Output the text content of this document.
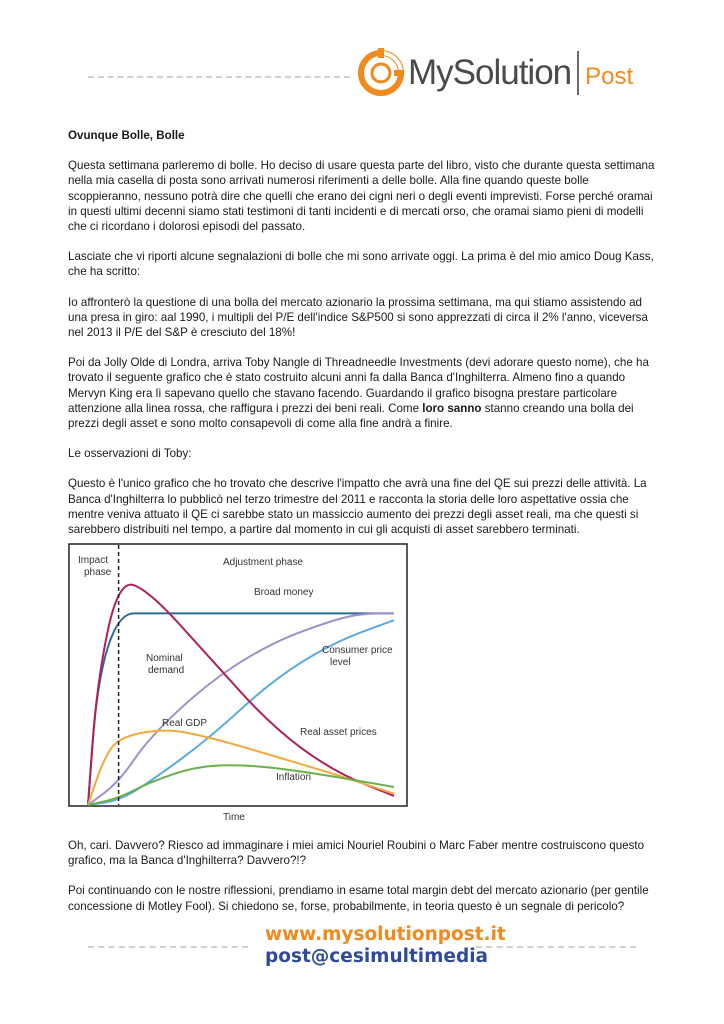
MySolution Post

Ovunque Bolle, Bolle

Questa settimana parleremo di bolle. Ho deciso di usare questa parte del libro, visto che durante questa settimana nella mia casella di posta sono arrivati numerosi riferimenti a delle bolle. Alla fine quando queste bolle scoppieranno, nessuno potrà dire che quelli che erano dei cigni neri o degli eventi imprevisti. Forse perché oramai in questi ultimi decenni siamo stati testimoni di tanti incidenti e di mercati orso, che oramai siamo pieni di modelli che ci ricordano i dolorosi episodi del passato.

Lasciate che vi riporti alcune segnalazioni di bolle che mi sono arrivate oggi. La prima è del mio amico Doug Kass, che ha scritto:

Io affronterò la questione di una bolla del mercato azionario la prossima settimana, ma qui stiamo assistendo ad una presa in giro: aal 1990, i multipli del P/E dell'indice S&P500 si sono apprezzati di circa il 2% l'anno, viceversa nel 2013 il P/E del S&P è cresciuto del 18%!

Poi da Jolly Olde di Londra, arriva Toby Nangle di Threadneedle Investments (devi adorare questo nome), che ha trovato il seguente grafico che è stato costruito alcuni anni fa dalla Banca d'Inghilterra. Almeno fino a quando Mervyn King era lì sapevano quello che stavano facendo. Guardando il grafico bisogna prestare particolare attenzione alla linea rossa, che raffigura i prezzi dei beni reali. Come loro sanno stanno creando una bolla dei prezzi degli asset e sono molto consapevoli di come alla fine andrà a finire.

Le osservazioni di Toby:

Questo è l'unico grafico che ho trovato che descrive l'impatto che avrà una fine del QE sui prezzi delle attività. La Banca d'Inghilterra lo pubblicò nel terzo trimestre del 2011 e racconta la storia delle loro aspettative ossia che mentre veniva attuato il QE ci sarebbe stato un massiccio aumento dei prezzi degli asset reali, ma che questi si sarebbero distribuiti nel tempo, a partire dal momento in cui gli acquisti di asset sarebbero terminati.

Impact
phase
Adjustment phase
Broad money
Nominal
demand
Consumer price
level
Real asset prices
Real GDP
Inflation
Time

Oh, cari. Davvero? Riesco ad immaginare i miei amici Nouriel Roubini o Marc Faber mentre costruiscono questo grafico, ma la Banca d'Inghilterra? Davvero?!?

Poi continuando con le nostre riflessioni, prendiamo in esame total margin debt del mercato azionario (per gentile concessione di Motley Fool). Si chiedono se, forse, probabilmente, in teoria questo è un segnale di pericolo?

www.mysolutionpost.it
post@cesimultimedia
